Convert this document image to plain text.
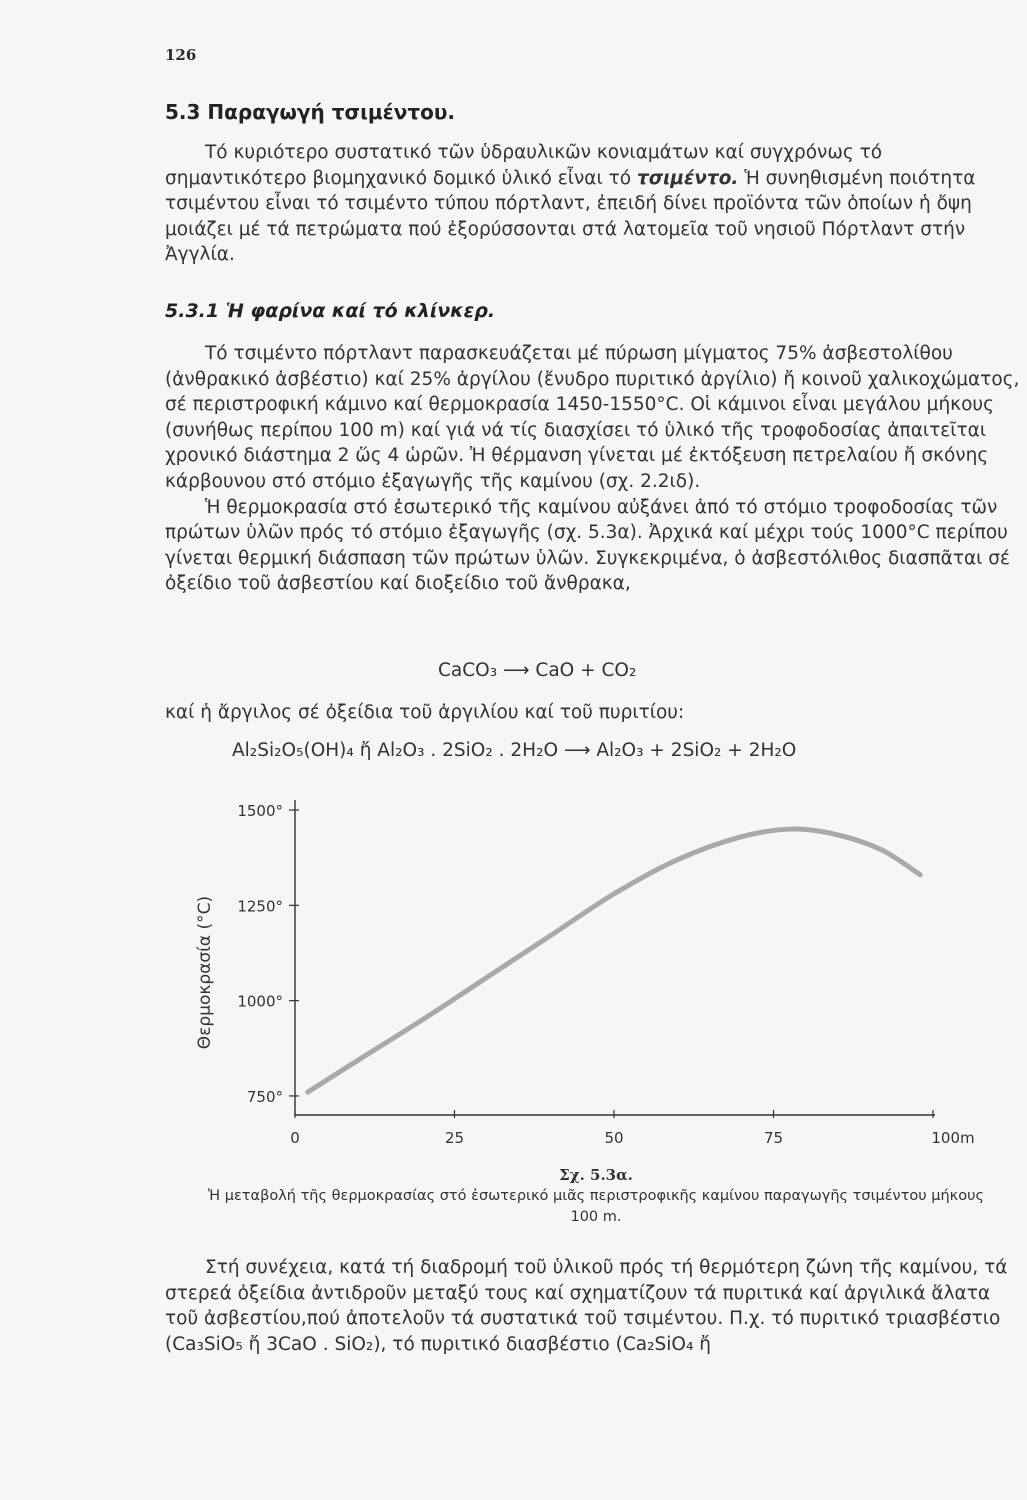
126
5.3 Παραγωγή τσιμέντου.

Τό κυριότερο συστατικό τῶν ὑδραυλικῶν κονιαμάτων καί συγχρόνως τό σημαντικότερο βιομηχανικό δομικό ὑλικό εἶναι τό τσιμέντο. Ἡ συνηθισμένη ποιότητα τσιμέντου εἶναι τό τσιμέντο τύπου πόρτλαντ, ἐπειδή δίνει προϊόντα τῶν ὁποίων ἡ ὄψη μοιάζει μέ τά πετρώματα πού ἐξορύσσονται στά λατομεῖα τοῦ νησιοῦ Πόρτλαντ στήν Ἀγγλία.

5.3.1 Ἡ φαρίνα καί τό κλίνκερ.

Τό τσιμέντο πόρτλαντ παρασκευάζεται μέ πύρωση μίγματος 75% ἀσβεστολίθου (ἀνθρακικό ἀσβέστιο) καί 25% ἀργίλου (ἔνυδρο πυριτικό ἀργίλιο) ἤ κοινοῦ χαλικοχώματος, σέ περιστροφική κάμινο καί θερμοκρασία 1450-1550°C. Οἱ κάμινοι εἶναι μεγάλου μήκους (συνήθως περίπου 100 m) καί γιά νά τίς διασχίσει τό ὑλικό τῆς τροφοδοσίας ἀπαιτεῖται χρονικό διάστημα 2 ὥς 4 ὡρῶν. Ἡ θέρμανση γίνεται μέ ἐκτόξευση πετρελαίου ἤ σκόνης κάρβουνου στό στόμιο ἐξαγωγῆς τῆς καμίνου (σχ. 2.2ιδ).

Ἡ θερμοκρασία στό ἐσωτερικό τῆς καμίνου αὐξάνει ἀπό τό στόμιο τροφοδοσίας τῶν πρώτων ὑλῶν πρός τό στόμιο ἐξαγωγῆς (σχ. 5.3α). Ἀρχικά καί μέχρι τούς 1000°C περίπου γίνεται θερμική διάσπαση τῶν πρώτων ὑλῶν. Συγκεκριμένα, ὁ ἀσβεστόλιθος διασπᾶται σέ ὀξείδιο τοῦ ἀσβεστίου καί διοξείδιο τοῦ ἄνθρακα,

CaCO₃ ⟶ CaO + CO₂
καί ἡ ἄργιλος σέ ὀξείδια τοῦ ἀργιλίου καί τοῦ πυριτίου:
Al₂Si₂O₅(OH)₄ ἤ Al₂O₃ . 2SiO₂ . 2H₂O ⟶ Al₂O₃ + 2SiO₂ + 2H₂O
750°
1000°
1250°
1500°
0	25	50	75	100m
Θερμοκρασία (°C)
Σχ. 5.3α.
Ἡ μεταβολή τῆς θερμοκρασίας στό ἐσωτερικό μιᾶς περιστροφικῆς καμίνου παραγωγῆς τσιμέντου μήκους 100 m.

Στή συνέχεια, κατά τή διαδρομή τοῦ ὑλικοῦ πρός τή θερμότερη ζώνη τῆς καμίνου, τά στερεά ὀξείδια ἀντιδροῦν μεταξύ τους καί σχηματίζουν τά πυριτικά καί ἀργιλικά ἅλατα τοῦ ἀσβεστίου,πού ἀποτελοῦν τά συστατικά τοῦ τσιμέντου. Π.χ. τό πυριτικό τριασβέστιο (Ca₃SiO₅ ἤ 3CaO . SiO₂), τό πυριτικό διασβέστιο (Ca₂SiO₄ ἤ
